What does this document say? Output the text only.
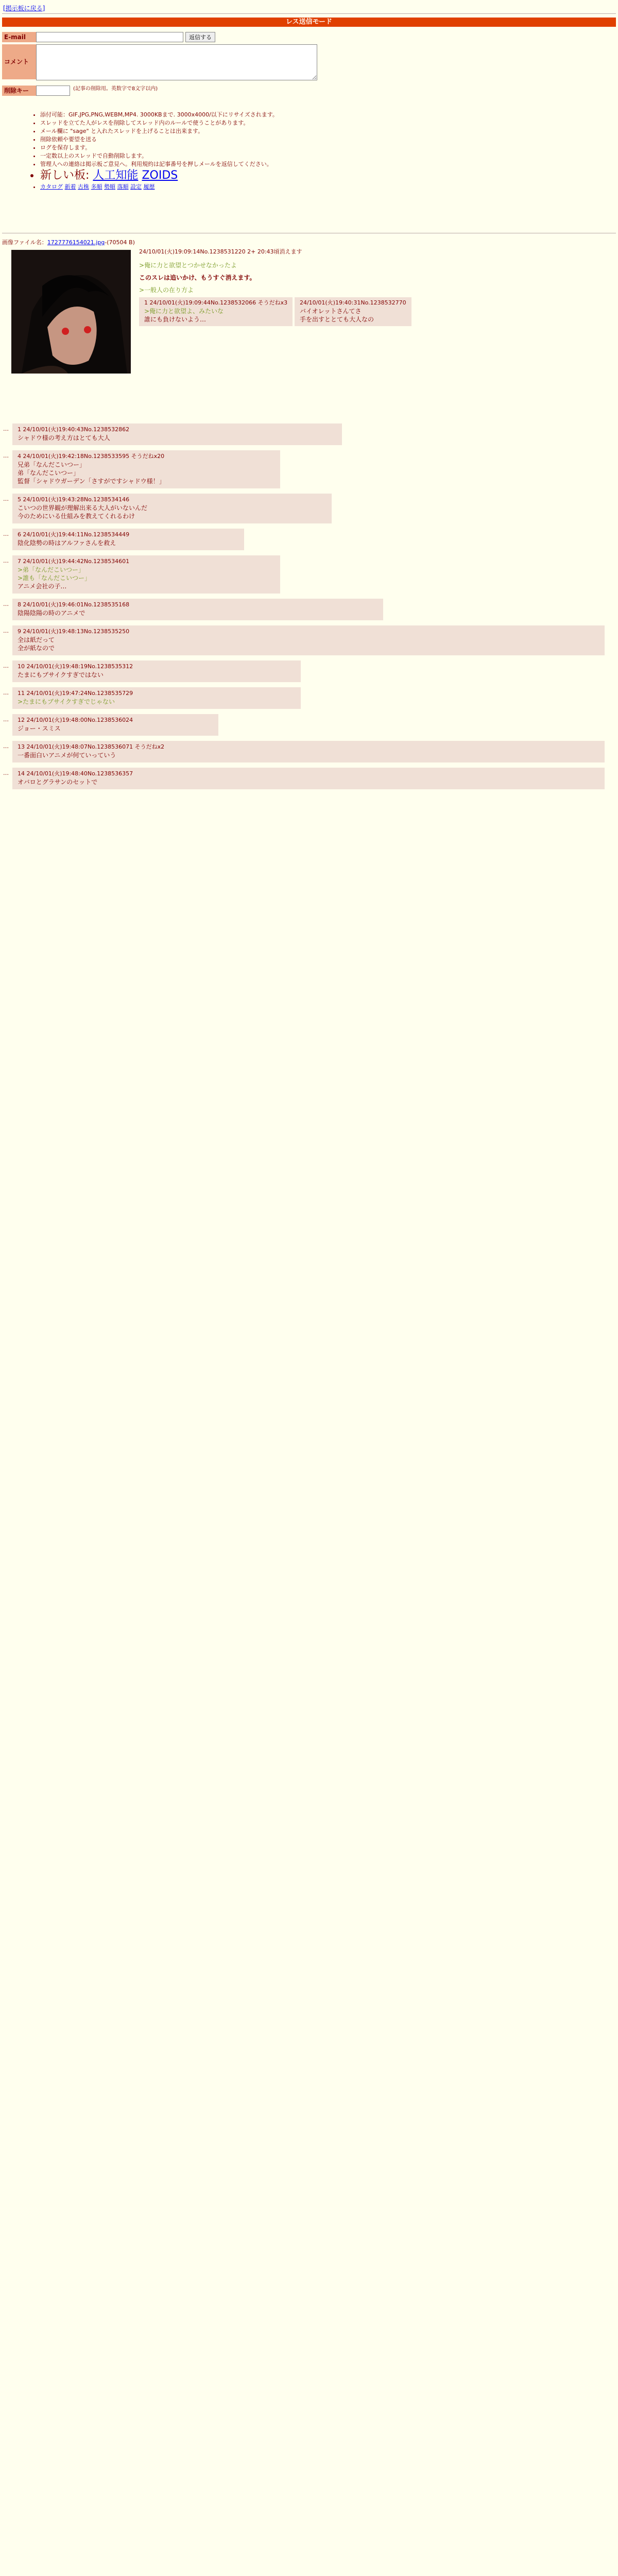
[掲示板に戻る]
レス送信モード
E-mail	返信する
コメント
削除キー	(記事の削除用。英数字で8文字以内)
• 添付可能：GIF,JPG,PNG,WEBM,MP4. 3000KBまで. 3000x4000/以下にリサイズされます。
• スレッドを立てた人がレスを削除してスレッド内のルールで使うことがあります。
• メール欄に "sage" と入れたスレッドを上げることは出来ます。
• 削除依頼や要望を送る
• ログを保存します。
• 一定数以上のスレッドで自動削除します。
• 管理人への連絡は掲示板ご意見へ。利用規約は記事番号を押しメールを返信してください。
• 新しい板: 人工知能 ZOIDS
• カタログ 新着 古株 多順 勢順 落順 設定 履歴
画像ファイル名：1727776154021.jpg-(70504 B)
24/10/01(火)19:09:14No.1238531220 2+ 20:43頃消えます
>俺に力と欲望とつかせなかったよ
このスレは追いかけ、もうすぐ消えます。
>一般人の在り方よ
1 24/10/01(火)19:09:44No.1238532066 そうだねx3
>俺に力と欲望よ、みたいな
誰にも負けないよう…

24/10/01(火)19:40:31No.1238532770
バイオレットさんてさ
手を出すととても大人なの
… 1 24/10/01(火)19:40:43No.1238532862
シャドウ様の考え方はとても大人
… 4 24/10/01(火)19:42:18No.1238533595 そうだねx20
兄弟「なんだこいつー」
弟「なんだこいつー」
監督「シャドウガーデン「さすがですシャドウ様！」
… 5 24/10/01(火)19:43:28No.1238534146
こいつの世界観が理解出来る大人がいないんだ
今のためにいる仕組みを教えてくれるわけ
… 6 24/10/01(火)19:44:11No.1238534449
陰化陰勢の時はアルファさんを救え
… 7 24/10/01(火)19:44:42No.1238534601
>弟「なんだこいつー」
>誰も「なんだこいつー」
アニメ会社の子…
… 8 24/10/01(火)19:46:01No.1238535168
陰陽陰陽の時のアニメで
… 9 24/10/01(火)19:48:13No.1238535250
全は紙だって
全が紙なので
… 10 24/10/01(火)19:48:19No.1238535312
たまにもブサイクすぎではない
… 11 24/10/01(火)19:47:24No.1238535729
>たまにもブサイクすぎでじゃない
… 12 24/10/01(火)19:48:00No.1238536024
ジョー・スミス
… 13 24/10/01(火)19:48:07No.1238536071 そうだねx2
一番面白いアニメが何ていっていう
… 14 24/10/01(火)19:48:40No.1238536357
オバロとグラサンのセットで
